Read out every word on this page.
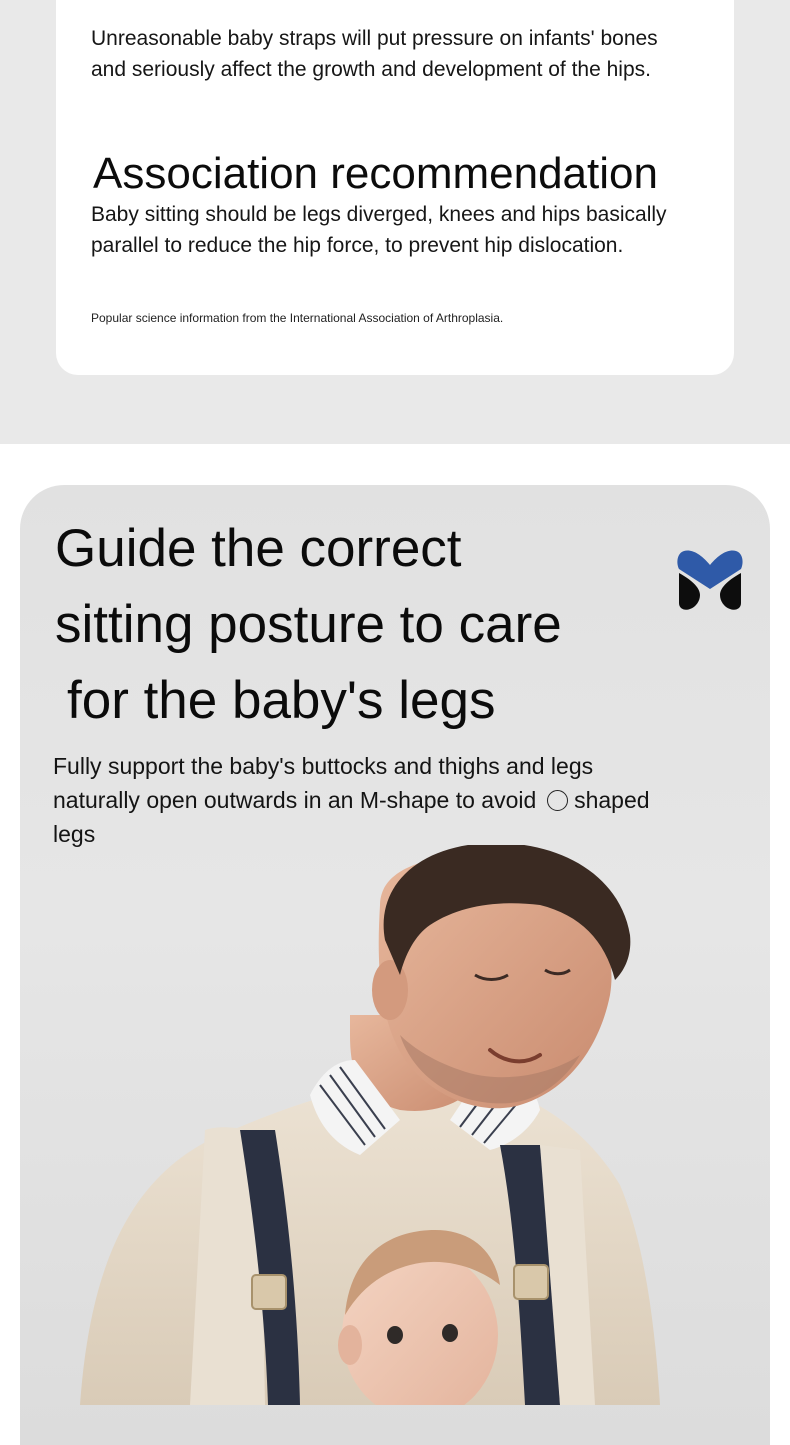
Unreasonable baby straps will put pressure on infants' bones and seriously affect the growth and development of the hips.

Association recommendation

Baby sitting should be legs diverged, knees and hips basically parallel to reduce the hip force, to prevent hip dislocation.

Popular science information from the International Association of Arthroplasia.

Guide the correct
sitting posture to care
for the baby's legs

Fully support the baby's buttocks and thighs and legs naturally open outwards in an M-shape to avoid shaped legs
